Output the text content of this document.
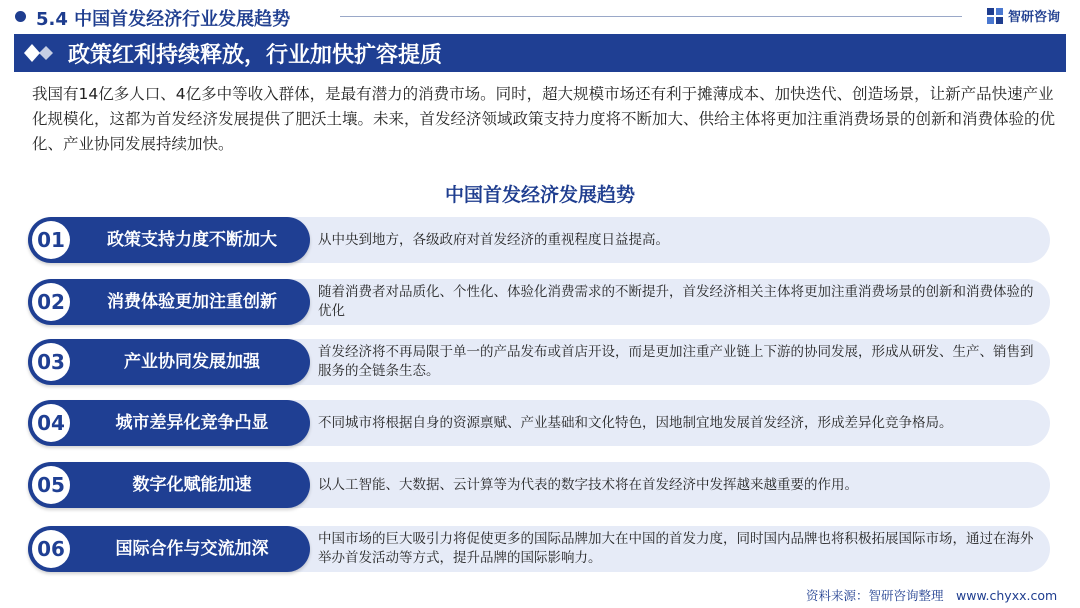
5.4 中国首发经济行业发展趋势	智研咨询
政策红利持续释放，行业加快扩容提质
我国有14亿多人口、4亿多中等收入群体，是最有潜力的消费市场。同时，超大规模市场还有利于摊薄成本、加快迭代、创造场景，让新产品快速产业化规模化，这都为首发经济发展提供了肥沃土壤。未来，首发经济领域政策支持力度将不断加大、供给主体将更加注重消费场景的创新和消费体验的优化、产业协同发展持续加快。
中国首发经济发展趋势
01	政策支持力度不断加大	从中央到地方，各级政府对首发经济的重视程度日益提高。
02	消费体验更加注重创新	随着消费者对品质化、个性化、体验化消费需求的不断提升，首发经济相关主体将更加注重消费场景的创新和消费体验的优化
03	产业协同发展加强	首发经济将不再局限于单一的产品发布或首店开设，而是更加注重产业链上下游的协同发展，形成从研发、生产、销售到服务的全链条生态。
04	城市差异化竞争凸显	不同城市将根据自身的资源禀赋、产业基础和文化特色，因地制宜地发展首发经济，形成差异化竞争格局。
05	数字化赋能加速	以人工智能、大数据、云计算等为代表的数字技术将在首发经济中发挥越来越重要的作用。
06	国际合作与交流加深	中国市场的巨大吸引力将促使更多的国际品牌加大在中国的首发力度，同时国内品牌也将积极拓展国际市场，通过在海外举办首发活动等方式，提升品牌的国际影响力。
资料来源：智研咨询整理　www.chyxx.com
